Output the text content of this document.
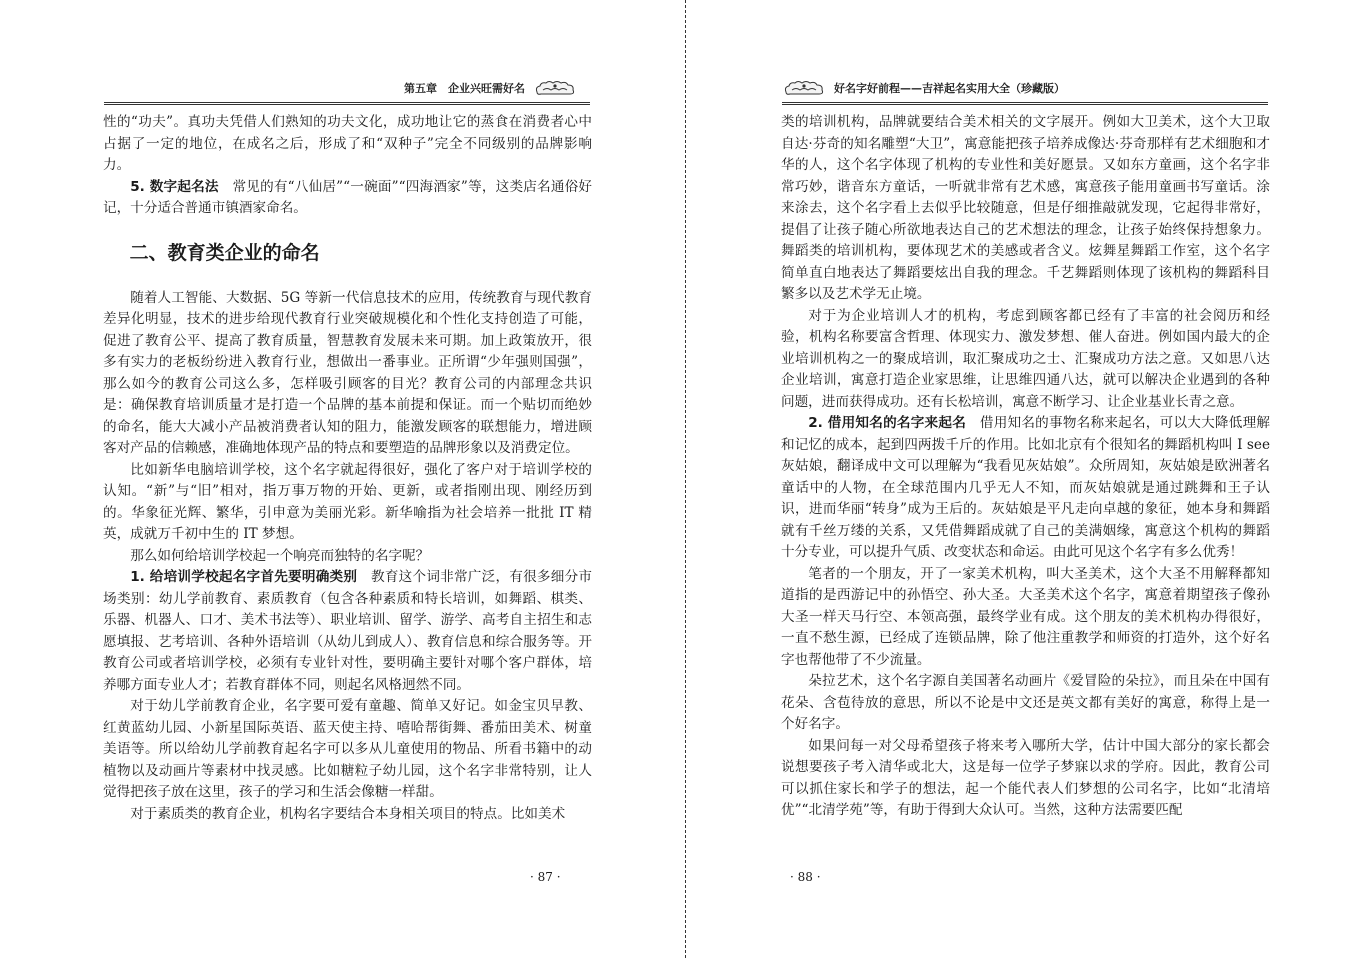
第五章　企业兴旺需好名

性的“功夫”。真功夫凭借人们熟知的功夫文化，成功地让它的蒸食在消费者心中占据了一定的地位，在成名之后，形成了和“双种子”完全不同级别的品牌影响力。

5. 数字起名法　常见的有“八仙居”“一碗面”“四海酒家”等，这类店名通俗好记，十分适合普通市镇酒家命名。

二、教育类企业的命名

随着人工智能、大数据、5G 等新一代信息技术的应用，传统教育与现代教育差异化明显，技术的进步给现代教育行业突破规模化和个性化支持创造了可能，促进了教育公平、提高了教育质量，智慧教育发展未来可期。加上政策放开，很多有实力的老板纷纷进入教育行业，想做出一番事业。正所谓“少年强则国强”，那么如今的教育公司这么多，怎样吸引顾客的目光？教育公司的内部理念共识是：确保教育培训质量才是打造一个品牌的基本前提和保证。而一个贴切而绝妙的命名，能大大减小产品被消费者认知的阻力，能激发顾客的联想能力，增进顾客对产品的信赖感，准确地体现产品的特点和要塑造的品牌形象以及消费定位。

比如新华电脑培训学校，这个名字就起得很好，强化了客户对于培训学校的认知。“新”与“旧”相对，指万事万物的开始、更新，或者指刚出现、刚经历到的。华象征光辉、繁华，引申意为美丽光彩。新华喻指为社会培养一批批 IT 精英，成就万千初中生的 IT 梦想。

那么如何给培训学校起一个响亮而独特的名字呢？

1. 给培训学校起名字首先要明确类别　教育这个词非常广泛，有很多细分市场类别：幼儿学前教育、素质教育（包含各种素质和特长培训，如舞蹈、棋类、乐器、机器人、口才、美术书法等）、职业培训、留学、游学、高考自主招生和志愿填报、艺考培训、各种外语培训（从幼儿到成人）、教育信息和综合服务等。开教育公司或者培训学校，必须有专业针对性，要明确主要针对哪个客户群体，培养哪方面专业人才；若教育群体不同，则起名风格迥然不同。

对于幼儿学前教育企业，名字要可爱有童趣、简单又好记。如金宝贝早教、红黄蓝幼儿园、小新星国际英语、蓝天使主持、嘻哈帮街舞、番茄田美术、树童美语等。所以给幼儿学前教育起名字可以多从儿童使用的物品、所看书籍中的动植物以及动画片等素材中找灵感。比如糖粒子幼儿园，这个名字非常特别，让人觉得把孩子放在这里，孩子的学习和生活会像糖一样甜。

对于素质类的教育企业，机构名字要结合本身相关项目的特点。比如美术

· 87 ·
好名字好前程——吉祥起名实用大全（珍藏版）

类的培训机构，品牌就要结合美术相关的文字展开。例如大卫美术，这个大卫取自达·芬奇的知名雕塑“大卫”，寓意能把孩子培养成像达·芬奇那样有艺术细胞和才华的人，这个名字体现了机构的专业性和美好愿景。又如东方童画，这个名字非常巧妙，谐音东方童话，一听就非常有艺术感，寓意孩子能用童画书写童话。涂来涂去，这个名字看上去似乎比较随意，但是仔细推敲就发现，它起得非常好，提倡了让孩子随心所欲地表达自己的艺术想法的理念，让孩子始终保持想象力。舞蹈类的培训机构，要体现艺术的美感或者含义。炫舞星舞蹈工作室，这个名字简单直白地表达了舞蹈要炫出自我的理念。千艺舞蹈则体现了该机构的舞蹈科目繁多以及艺术学无止境。

对于为企业培训人才的机构，考虑到顾客都已经有了丰富的社会阅历和经验，机构名称要富含哲理、体现实力、激发梦想、催人奋进。例如国内最大的企业培训机构之一的聚成培训，取汇聚成功之士、汇聚成功方法之意。又如思八达企业培训，寓意打造企业家思维，让思维四通八达，就可以解决企业遇到的各种问题，进而获得成功。还有长松培训，寓意不断学习、让企业基业长青之意。

2. 借用知名的名字来起名　借用知名的事物名称来起名，可以大大降低理解和记忆的成本，起到四两拨千斤的作用。比如北京有个很知名的舞蹈机构叫 I see 灰姑娘，翻译成中文可以理解为“我看见灰姑娘”。众所周知，灰姑娘是欧洲著名童话中的人物，在全球范围内几乎无人不知，而灰姑娘就是通过跳舞和王子认识，进而华丽“转身”成为王后的。灰姑娘是平凡走向卓越的象征，她本身和舞蹈就有千丝万缕的关系，又凭借舞蹈成就了自己的美满姻缘，寓意这个机构的舞蹈十分专业，可以提升气质、改变状态和命运。由此可见这个名字有多么优秀！

笔者的一个朋友，开了一家美术机构，叫大圣美术，这个大圣不用解释都知道指的是西游记中的孙悟空、孙大圣。大圣美术这个名字，寓意着期望孩子像孙大圣一样天马行空、本领高强，最终学业有成。这个朋友的美术机构办得很好，一直不愁生源，已经成了连锁品牌，除了他注重教学和师资的打造外，这个好名字也帮他带了不少流量。

朵拉艺术，这个名字源自美国著名动画片《爱冒险的朵拉》，而且朵在中国有花朵、含苞待放的意思，所以不论是中文还是英文都有美好的寓意，称得上是一个好名字。

如果问每一对父母希望孩子将来考入哪所大学，估计中国大部分的家长都会说想要孩子考入清华或北大，这是每一位学子梦寐以求的学府。因此，教育公司可以抓住家长和学子的想法，起一个能代表人们梦想的公司名字，比如“北清培优”“北清学苑”等，有助于得到大众认可。当然，这种方法需要匹配

· 88 ·
